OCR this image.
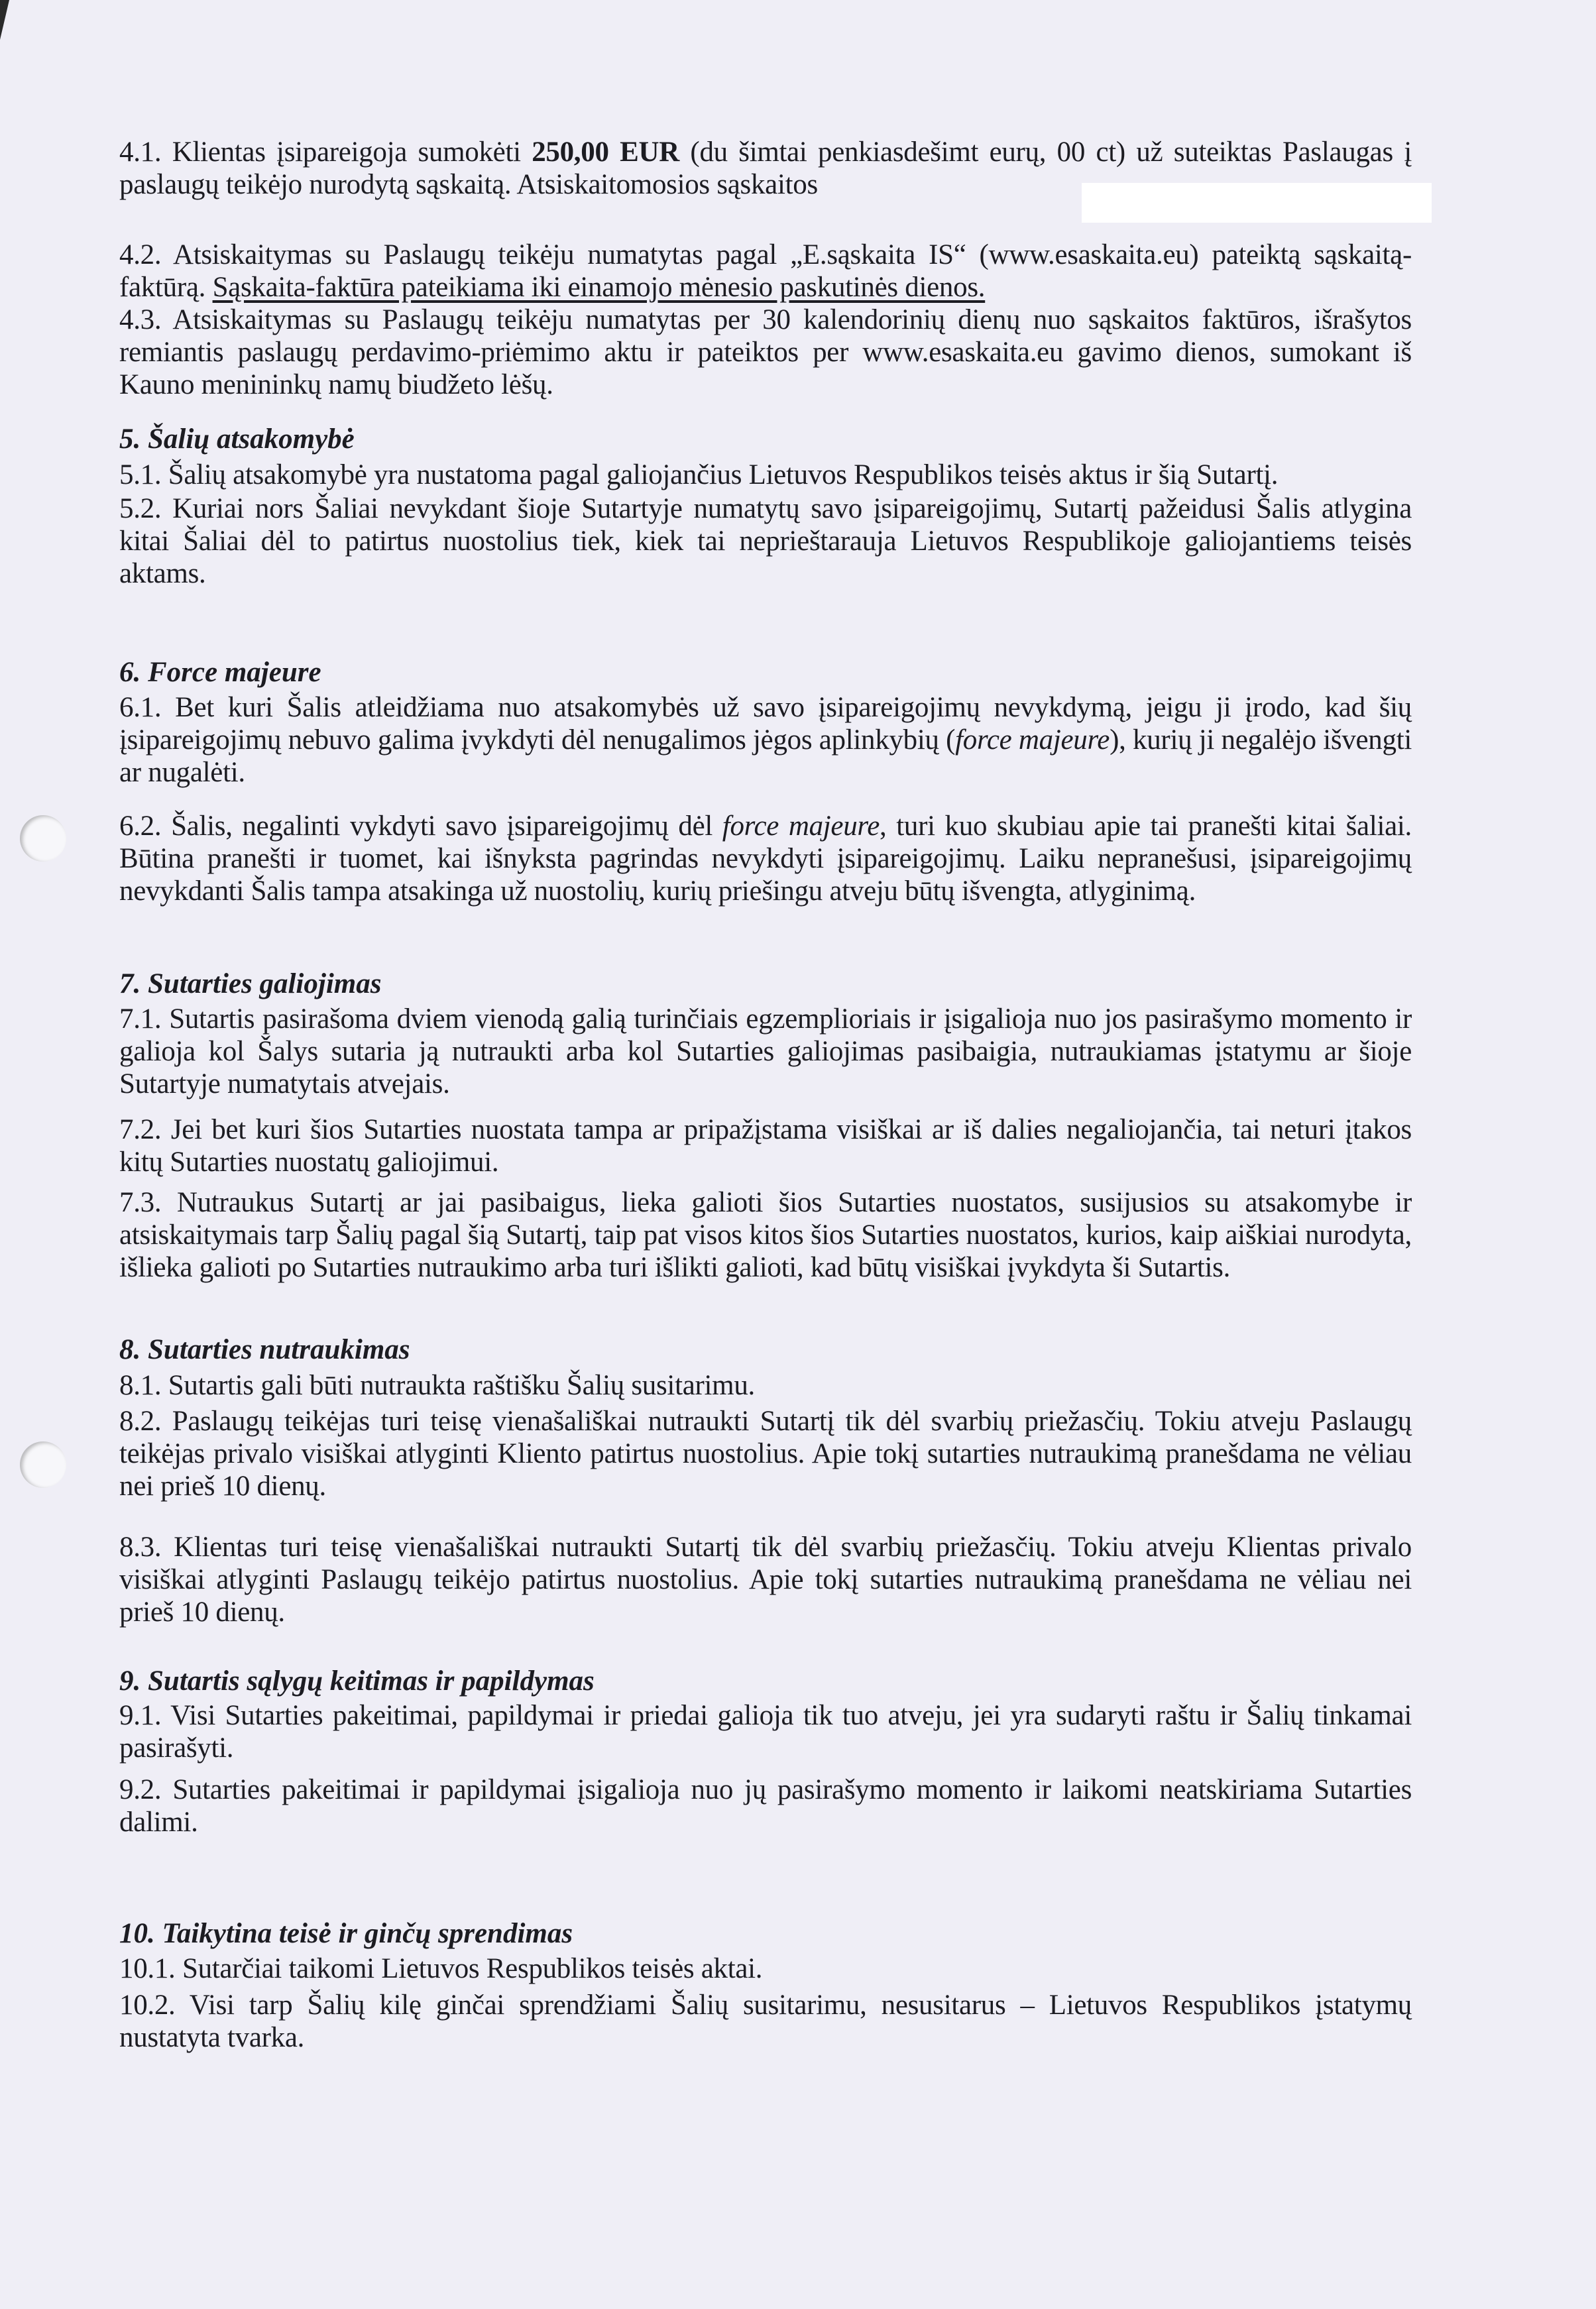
4.1. Klientas įsipareigoja sumokėti 250,00 EUR (du šimtai penkiasdešimt eurų, 00 ct) už suteiktas Paslaugas į paslaugų teikėjo nurodytą sąskaitą. Atsiskaitomosios sąskaitos

4.2. Atsiskaitymas su Paslaugų teikėju numatytas pagal „E.sąskaita IS“ (www.esaskaita.eu) pateiktą sąskaitą-faktūrą. Sąskaita-faktūra pateikiama iki einamojo mėnesio paskutinės dienos.

4.3. Atsiskaitymas su Paslaugų teikėju numatytas per 30 kalendorinių dienų nuo sąskaitos faktūros, išrašytos remiantis paslaugų perdavimo-priėmimo aktu ir pateiktos per www.esaskaita.eu gavimo dienos, sumokant iš Kauno menininkų namų biudžeto lėšų.

5. Šalių atsakomybė

5.1. Šalių atsakomybė yra nustatoma pagal galiojančius Lietuvos Respublikos teisės aktus ir šią Sutartį.

5.2. Kuriai nors Šaliai nevykdant šioje Sutartyje numatytų savo įsipareigojimų, Sutartį pažeidusi Šalis atlygina kitai Šaliai dėl to patirtus nuostolius tiek, kiek tai neprieštarauja Lietuvos Respublikoje galiojantiems teisės aktams.

6. Force majeure

6.1. Bet kuri Šalis atleidžiama nuo atsakomybės už savo įsipareigojimų nevykdymą, jeigu ji įrodo, kad šių įsipareigojimų nebuvo galima įvykdyti dėl nenugalimos jėgos aplinkybių (force majeure), kurių ji negalėjo išvengti ar nugalėti.

6.2. Šalis, negalinti vykdyti savo įsipareigojimų dėl force majeure, turi kuo skubiau apie tai pranešti kitai šaliai. Būtina pranešti ir tuomet, kai išnyksta pagrindas nevykdyti įsipareigojimų. Laiku nepranešusi, įsipareigojimų nevykdanti Šalis tampa atsakinga už nuostolių, kurių priešingu atveju būtų išvengta, atlyginimą.

7. Sutarties galiojimas

7.1. Sutartis pasirašoma dviem vienodą galią turinčiais egzemplioriais ir įsigalioja nuo jos pasirašymo momento ir galioja kol Šalys sutaria ją nutraukti arba kol Sutarties galiojimas pasibaigia, nutraukiamas įstatymu ar šioje Sutartyje numatytais atvejais.

7.2. Jei bet kuri šios Sutarties nuostata tampa ar pripažįstama visiškai ar iš dalies negaliojančia, tai neturi įtakos kitų Sutarties nuostatų galiojimui.

7.3. Nutraukus Sutartį ar jai pasibaigus, lieka galioti šios Sutarties nuostatos, susijusios su atsakomybe ir atsiskaitymais tarp Šalių pagal šią Sutartį, taip pat visos kitos šios Sutarties nuostatos, kurios, kaip aiškiai nurodyta, išlieka galioti po Sutarties nutraukimo arba turi išlikti galioti, kad būtų visiškai įvykdyta ši Sutartis.

8. Sutarties nutraukimas

8.1. Sutartis gali būti nutraukta raštišku Šalių susitarimu.

8.2. Paslaugų teikėjas turi teisę vienašališkai nutraukti Sutartį tik dėl svarbių priežasčių. Tokiu atveju Paslaugų teikėjas privalo visiškai atlyginti Kliento patirtus nuostolius. Apie tokį sutarties nutraukimą pranešdama ne vėliau nei prieš 10 dienų.

8.3. Klientas turi teisę vienašališkai nutraukti Sutartį tik dėl svarbių priežasčių. Tokiu atveju Klientas privalo visiškai atlyginti Paslaugų teikėjo patirtus nuostolius. Apie tokį sutarties nutraukimą pranešdama ne vėliau nei prieš 10 dienų.

9. Sutartis sąlygų keitimas ir papildymas

9.1. Visi Sutarties pakeitimai, papildymai ir priedai galioja tik tuo atveju, jei yra sudaryti raštu ir Šalių tinkamai pasirašyti.

9.2. Sutarties pakeitimai ir papildymai įsigalioja nuo jų pasirašymo momento ir laikomi neatskiriama Sutarties dalimi.

10. Taikytina teisė ir ginčų sprendimas

10.1. Sutarčiai taikomi Lietuvos Respublikos teisės aktai.

10.2. Visi tarp Šalių kilę ginčai sprendžiami Šalių susitarimu, nesusitarus – Lietuvos Respublikos įstatymų nustatyta tvarka.
